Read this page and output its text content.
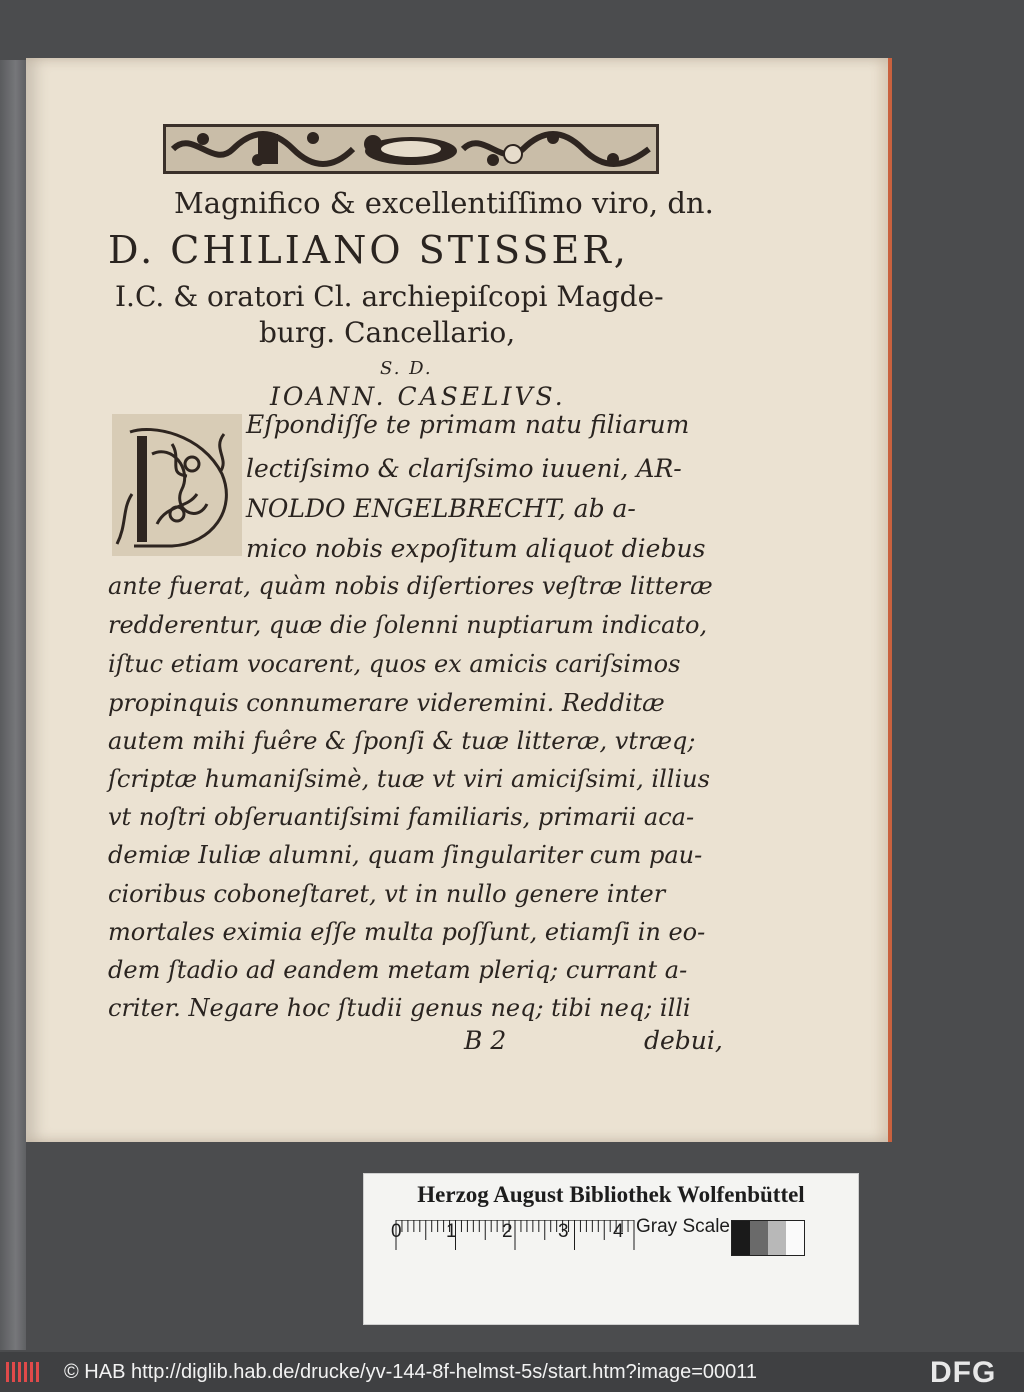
Magnifico & excellentiſſimo viro, dn.
D. CHILIANO STISSER,
I.C. & oratori Cl. archiepiſcopi Magde-
burg. Cancellario,
S. D.
IOANN. CASELIVS.
Eſpondiſſe te primam natu filiarum
lectiſsimo & clariſsimo iuueni, AR-
NOLDO ENGELBRECHT, ab a-
mico nobis expoſitum aliquot diebus
ante fuerat, quàm nobis diſertiores veſtræ litteræ
redderentur, quæ die ſolenni nuptiarum indicato,
iſtuc etiam vocarent, quos ex amicis cariſsimos
propinquis connumerare videremini. Redditæ
autem mihi fuêre & ſponſi & tuæ litteræ, vtræq;
ſcriptæ humaniſsimè, tuæ vt viri amiciſsimi, illius
vt noſtri obſeruantiſsimi familiaris, primarii aca-
demiæ Iuliæ alumni, quam ſingulariter cum pau-
cioribus coboneſtaret, vt in nullo genere inter
mortales eximia eſſe multa poſſunt, etiamſi in eo-
dem ſtadio ad eandem metam pleriq; currant a-
criter. Negare hoc ſtudii genus neq; tibi neq; illi
B 2	debui,
Herzog August Bibliothek Wolfenbüttel
Gray Scale
0 1 2 3 4
© HAB http://diglib.hab.de/drucke/yv-144-8f-helmst-5s/start.htm?image=00011	DFG
